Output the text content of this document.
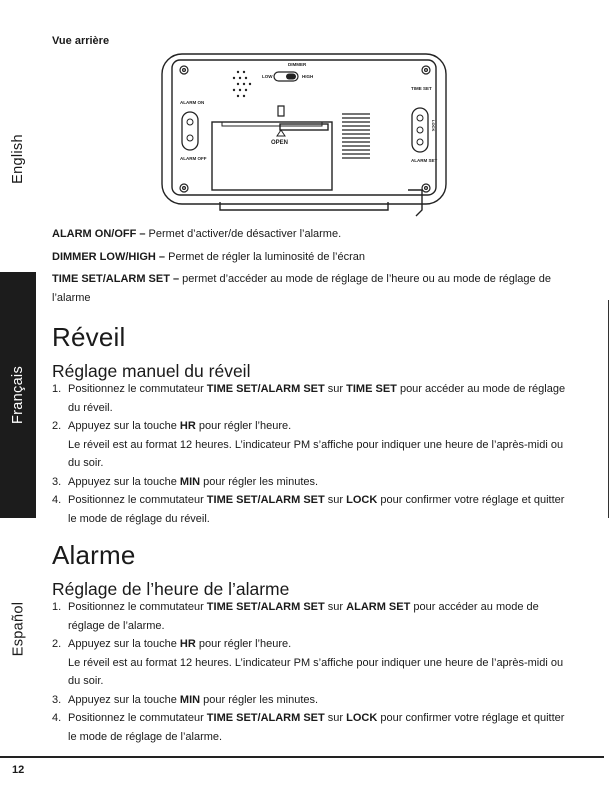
English
Français
Español
Vue arrière
DIMMER
LOW	HIGH
ALARM ON
ALARM OFF
OPEN
TIME SET
LOCK
ALARM SET
ALARM ON/OFF – Permet d’activer/de désactiver l’alarme.
DIMMER LOW/HIGH – Permet de régler la luminosité de l’écran
TIME SET/ALARM SET – permet d’accéder au mode de réglage de l’heure ou au mode de réglage de l’alarme
Réveil
Réglage manuel du réveil
1. Positionnez le commutateur TIME SET/ALARM SET sur TIME SET pour accéder au mode de réglage du réveil.
2. Appuyez sur la touche HR pour régler l’heure.
Le réveil est au format 12 heures. L’indicateur PM s’affiche pour indiquer une heure de l’après-midi ou du soir.
3. Appuyez sur la touche MIN pour régler les minutes.
4. Positionnez le commutateur TIME SET/ALARM SET sur LOCK pour confirmer votre réglage et quitter le mode de réglage du réveil.
Alarme
Réglage de l’heure de l’alarme
1. Positionnez le commutateur TIME SET/ALARM SET sur ALARM SET pour accéder au mode de réglage de l’alarme.
2. Appuyez sur la touche HR pour régler l’heure.
Le réveil est au format 12 heures. L’indicateur PM s’affiche pour indiquer une heure de l’après-midi ou du soir.
3. Appuyez sur la touche MIN pour régler les minutes.
4. Positionnez le commutateur TIME SET/ALARM SET sur LOCK pour confirmer votre réglage et quitter le mode de réglage de l’alarme.
12
